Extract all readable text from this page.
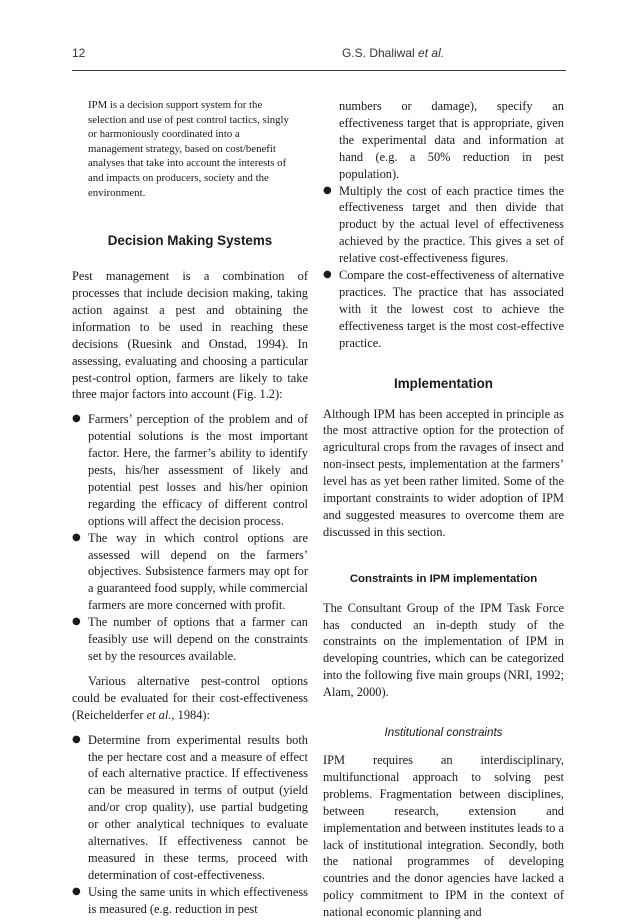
12	G.S. Dhaliwal et al.

IPM is a decision support system for the selection and use of pest control tactics, singly or harmoniously coordinated into a management strategy, based on cost/benefit analyses that take into account the interests of and impacts on producers, society and the environment.

Decision Making Systems

Pest management is a combination of processes that include decision making, taking action against a pest and obtaining the information to be used in reaching these decisions (Ruesink and Onstad, 1994). In assessing, evaluating and choosing a particular pest-control option, farmers are likely to take three major factors into account (Fig. 1.2):

● Farmers’ perception of the problem and of potential solutions is the most important factor. Here, the farmer’s ability to identify pests, his/her assessment of likely and potential pest losses and his/her opinion regarding the efficacy of different control options will affect the decision process.
● The way in which control options are assessed will depend on the farmers’ objectives. Subsistence farmers may opt for a guaranteed food supply, while commercial farmers are more concerned with profit.
● The number of options that a farmer can feasibly use will depend on the constraints set by the resources available.

Various alternative pest-control options could be evaluated for their cost-effectiveness (Reichelderfer et al., 1984):

● Determine from experimental results both the per hectare cost and a measure of effect of each alternative practice. If effectiveness can be measured in terms of output (yield and/or crop quality), use partial budgeting or other analytical techniques to evaluate alternatives. If effectiveness cannot be measured in these terms, proceed with determination of cost-effectiveness.
● Using the same units in which effectiveness is measured (e.g. reduction in pest
numbers or damage), specify an effectiveness target that is appropriate, given the experimental data and information at hand (e.g. a 50% reduction in pest population).
● Multiply the cost of each practice times the effectiveness target and then divide that product by the actual level of effectiveness achieved by the practice. This gives a set of relative cost-effectiveness figures.
● Compare the cost-effectiveness of alternative practices. The practice that has associated with it the lowest cost to achieve the effectiveness target is the most cost-effective practice.
Implementation

Although IPM has been accepted in principle as the most attractive option for the protection of agricultural crops from the ravages of insect and non-insect pests, implementation at the farmers’ level has as yet been rather limited. Some of the important constraints to wider adoption of IPM and suggested measures to overcome them are discussed in this section.

Constraints in IPM implementation

The Consultant Group of the IPM Task Force has conducted an in-depth study of the constraints on the implementation of IPM in developing countries, which can be categorized into the following five main groups (NRI, 1992; Alam, 2000).

Institutional constraints

IPM requires an interdisciplinary, multifunctional approach to solving pest problems. Fragmentation between disciplines, between research, extension and implementation and between institutes leads to a lack of institutional integration. Secondly, both the national programmes of developing countries and the donor agencies have lacked a policy commitment to IPM in the context of national economic planning and
